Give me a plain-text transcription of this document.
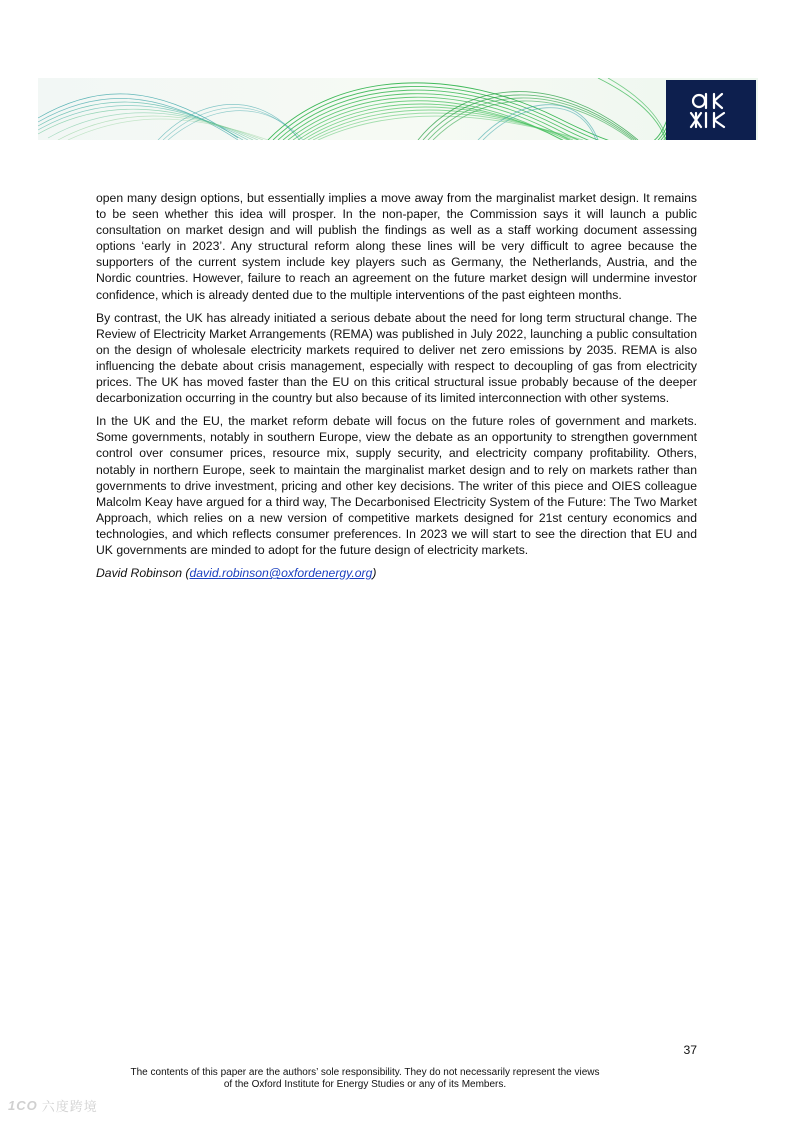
open many design options, but essentially implies a move away from the marginalist market design. It remains to be seen whether this idea will prosper. In the non-paper, the Commission says it will launch a public consultation on market design and will publish the findings as well as a staff working document assessing options ‘early in 2023’. Any structural reform along these lines will be very difficult to agree because the supporters of the current system include key players such as Germany, the Netherlands, Austria, and the Nordic countries. However, failure to reach an agreement on the future market design will undermine investor confidence, which is already dented due to the multiple interventions of the past eighteen months.

By contrast, the UK has already initiated a serious debate about the need for long term structural change. The Review of Electricity Market Arrangements (REMA) was published in July 2022, launching a public consultation on the design of wholesale electricity markets required to deliver net zero emissions by 2035. REMA is also influencing the debate about crisis management, especially with respect to decoupling of gas from electricity prices. The UK has moved faster than the EU on this critical structural issue probably because of the deeper decarbonization occurring in the country but also because of its limited interconnection with other systems.

In the UK and the EU, the market reform debate will focus on the future roles of government and markets. Some governments, notably in southern Europe, view the debate as an opportunity to strengthen government control over consumer prices, resource mix, supply security, and electricity company profitability. Others, notably in northern Europe, seek to maintain the marginalist market design and to rely on markets rather than governments to drive investment, pricing and other key decisions. The writer of this piece and OIES colleague Malcolm Keay have argued for a third way, The Decarbonised Electricity System of the Future: The Two Market Approach, which relies on a new version of competitive markets designed for 21st century economics and technologies, and which reflects consumer preferences. In 2023 we will start to see the direction that EU and UK governments are minded to adopt for the future design of electricity markets.

David Robinson (david.robinson@oxfordenergy.org)

37
The contents of this paper are the authors’ sole responsibility. They do not necessarily represent the views
of the Oxford Institute for Energy Studies or any of its Members.
1CO 六度跨境
